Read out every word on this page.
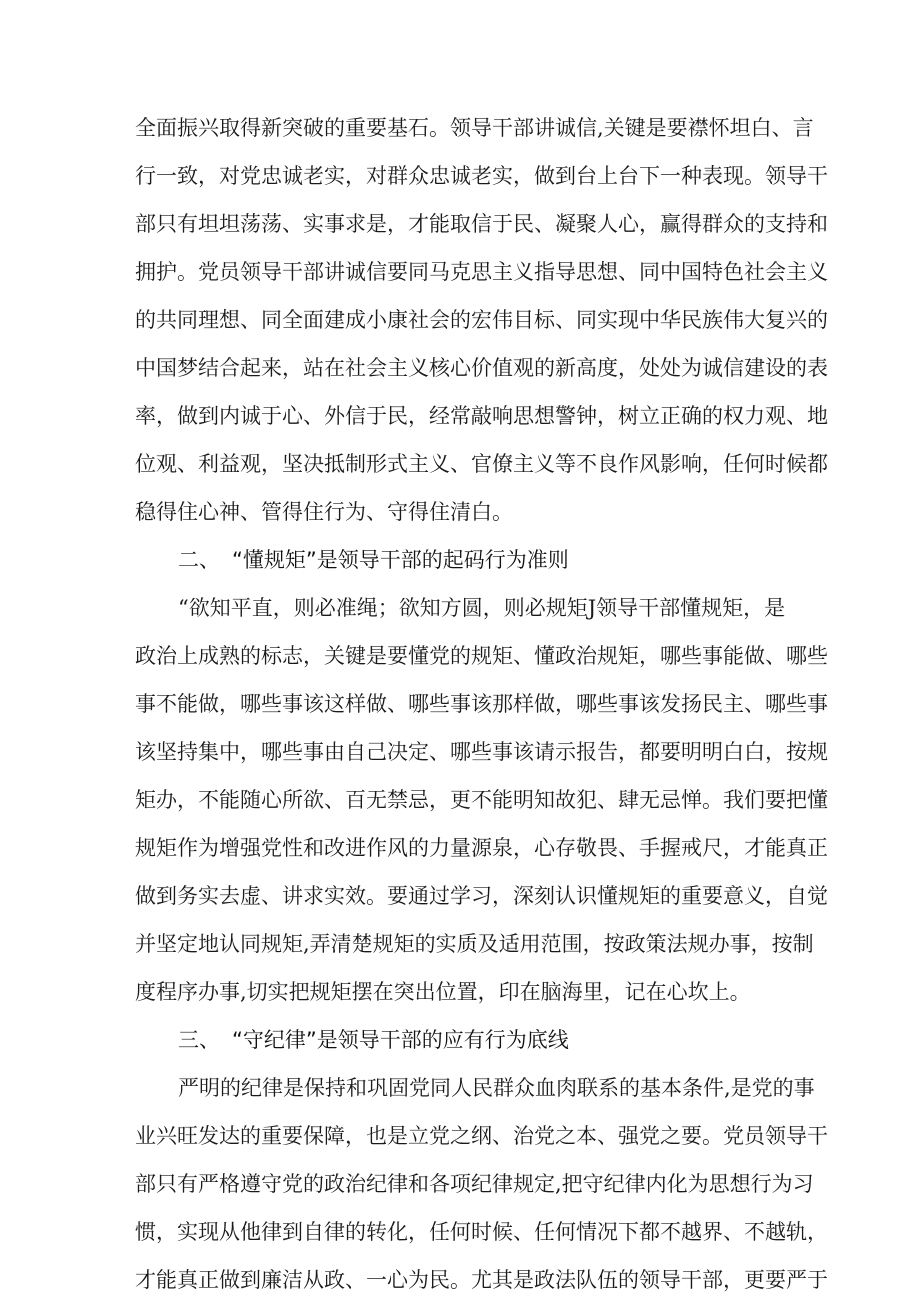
全面振兴取得新突破的重要基石。领导干部讲诚信,关键是要襟怀坦白、言
行一致，对党忠诚老实，对群众忠诚老实，做到台上台下一种表现。领导干
部只有坦坦荡荡、实事求是，才能取信于民、凝聚人心，赢得群众的支持和
拥护。党员领导干部讲诚信要同马克思主义指导思想、同中国特色社会主义
的共同理想、同全面建成小康社会的宏伟目标、同实现中华民族伟大复兴的
中国梦结合起来，站在社会主义核心价值观的新高度，处处为诚信建设的表
率，做到内诚于心、外信于民，经常敲响思想警钟，树立正确的权力观、地
位观、利益观，坚决抵制形式主义、官僚主义等不良作风影响，任何时候都
稳得住心神、管得住行为、守得住清白。
二、 “懂规矩”是领导干部的起码行为准则
“欲知平直，则必准绳；欲知方圆，则必规矩J领导干部懂规矩，是
政治上成熟的标志，关键是要懂党的规矩、懂政治规矩，哪些事能做、哪些
事不能做，哪些事该这样做、哪些事该那样做，哪些事该发扬民主、哪些事
该坚持集中，哪些事由自己决定、哪些事该请示报告，都要明明白白，按规
矩办，不能随心所欲、百无禁忌，更不能明知故犯、肆无忌惮。我们要把懂
规矩作为增强党性和改进作风的力量源泉，心存敬畏、手握戒尺，才能真正
做到务实去虚、讲求实效。要通过学习，深刻认识懂规矩的重要意义，自觉
并坚定地认同规矩,弄清楚规矩的实质及适用范围，按政策法规办事，按制
度程序办事,切实把规矩摆在突出位置，印在脑海里，记在心坎上。
三、 “守纪律”是领导干部的应有行为底线
严明的纪律是保持和巩固党同人民群众血肉联系的基本条件,是党的事
业兴旺发达的重要保障，也是立党之纲、治党之本、强党之要。党员领导干
部只有严格遵守党的政治纪律和各项纪律规定,把守纪律内化为思想行为习
惯，实现从他律到自律的转化，任何时候、任何情况下都不越界、不越轨，
才能真正做到廉洁从政、一心为民。尤其是政法队伍的领导干部，更要严于
